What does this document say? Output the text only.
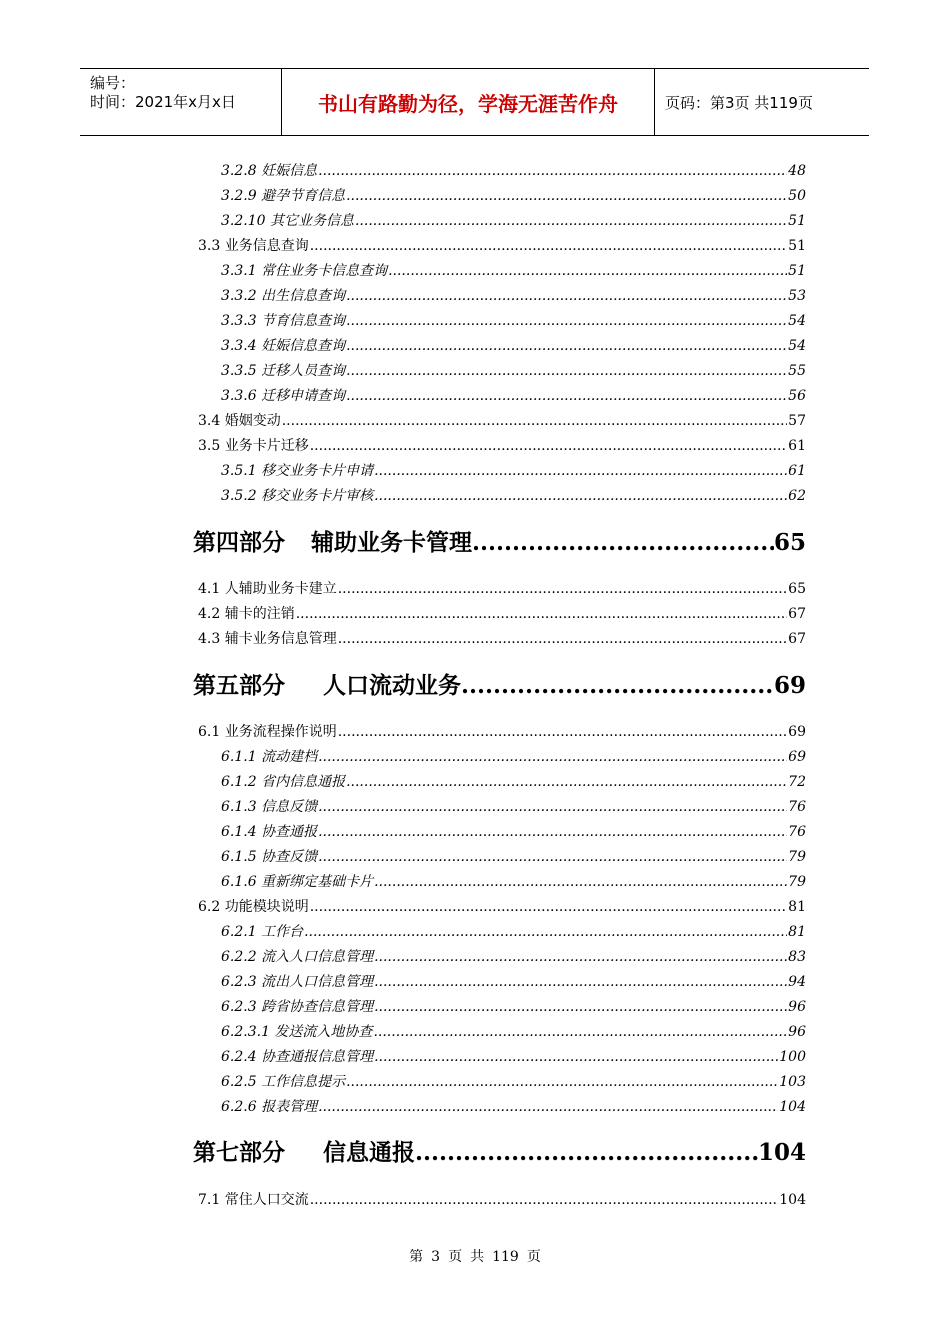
编号：
时间：2021年x月x日	书山有路勤为径，学海无涯苦作舟	页码：第3页 共119页
3.2.8 妊娠信息 .....	48
3.2.9 避孕节育信息 .....	50
3.2.10 其它业务信息 .....	51
3.3 业务信息查询 .....	51
3.3.1 常住业务卡信息查询 .....	51
3.3.2 出生信息查询 .....	53
3.3.3 节育信息查询 .....	54
3.3.4 妊娠信息查询 .....	54
3.3.5 迁移人员查询 .....	55
3.3.6 迁移申请查询 .....	56
3.4 婚姻变动 .....	57
3.5 业务卡片迁移 .....	61
3.5.1 移交业务卡片申请 .....	61
3.5.2 移交业务卡片审核 .....	62
第四部分 辅助业务卡管理 .....	65
4.1 人辅助业务卡建立 .....	65
4.2 辅卡的注销 .....	67
4.3 辅卡业务信息管理 .....	67
第五部分 人口流动业务 .....	69
6.1 业务流程操作说明 .....	69
6.1.1 流动建档 .....	69
6.1.2 省内信息通报 .....	72
6.1.3 信息反馈 .....	76
6.1.4 协查通报 .....	76
6.1.5 协查反馈 .....	79
6.1.6 重新绑定基础卡片 .....	79
6.2 功能模块说明 .....	81
6.2.1 工作台 .....	81
6.2.2 流入人口信息管理 .....	83
6.2.3 流出人口信息管理 .....	94
6.2.3 跨省协查信息管理 .....	96
6.2.3.1 发送流入地协查 .....	96
6.2.4 协查通报信息管理 .....	100
6.2.5 工作信息提示 .....	103
6.2.6 报表管理 .....	104
第七部分 信息通报 .....	104
7.1 常住人口交流 .....	104
第 3 页 共 119 页
